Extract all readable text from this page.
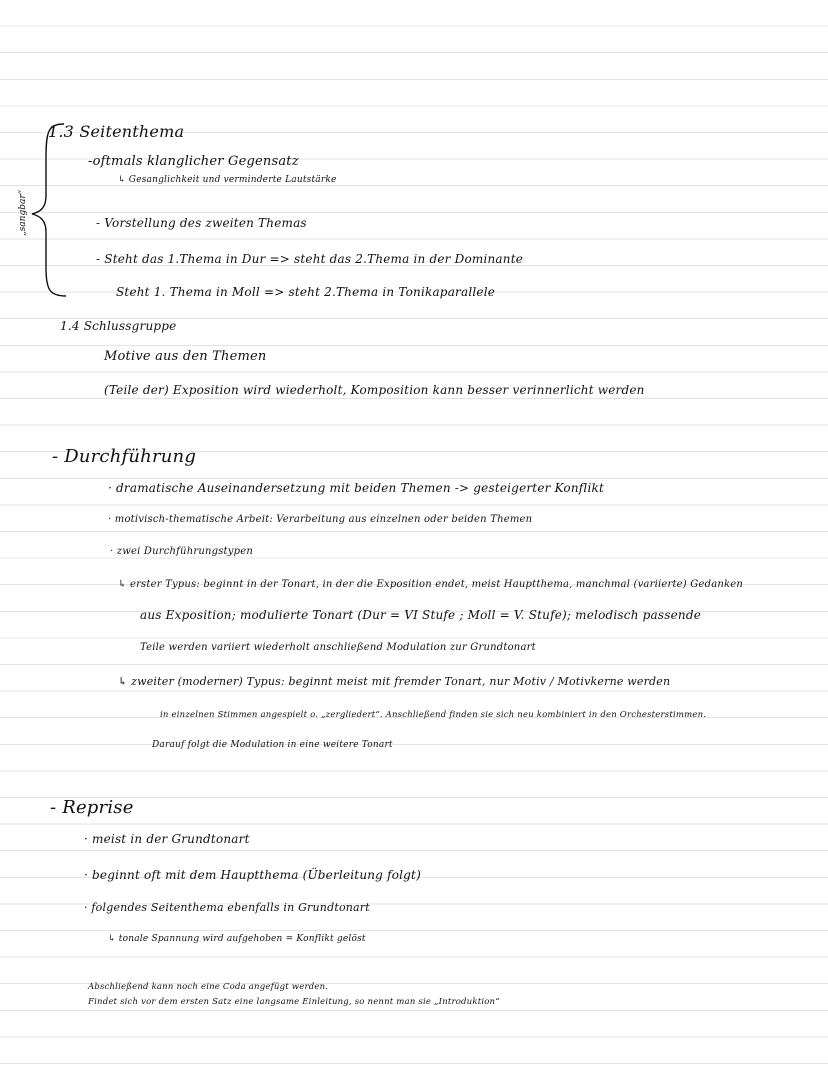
„sangbar“
1.3 Seitenthema
-oftmals klanglicher Gegensatz
↳ Gesanglichkeit und verminderte Lautstärke
- Vorstellung des zweiten Themas
- Steht das 1.Thema in Dur => steht das 2.Thema in der Dominante
Steht 1. Thema in Moll => steht 2.Thema in Tonikaparallele
1.4 Schlussgruppe
Motive aus den Themen
(Teile der) Exposition wird wiederholt, Komposition kann besser verinnerlicht werden
- Durchführung
· dramatische Auseinandersetzung mit beiden Themen -> gesteigerter Konflikt
· motivisch-thematische Arbeit: Verarbeitung aus einzelnen oder beiden Themen
· zwei Durchführungstypen
↳ erster Typus: beginnt in der Tonart, in der die Exposition endet, meist Hauptthema, manchmal (variierte) Gedanken
aus Exposition; modulierte Tonart (Dur = VI Stufe ; Moll = V. Stufe); melodisch passende
Teile werden variiert wiederholt anschließend Modulation zur Grundtonart
↳ zweiter (moderner) Typus: beginnt meist mit fremder Tonart, nur Motiv / Motivkerne werden
in einzelnen Stimmen angespielt o. „zergliedert“. Anschließend finden sie sich neu kombiniert in den Orchesterstimmen.
Darauf folgt die Modulation in eine weitere Tonart
- Reprise
· meist in der Grundtonart
· beginnt oft mit dem Hauptthema (Überleitung folgt)
· folgendes Seitenthema ebenfalls in Grundtonart
↳ tonale Spannung wird aufgehoben = Konflikt gelöst
Abschließend kann noch eine Coda angefügt werden.
Findet sich vor dem ersten Satz eine langsame Einleitung, so nennt man sie „Introduktion“
